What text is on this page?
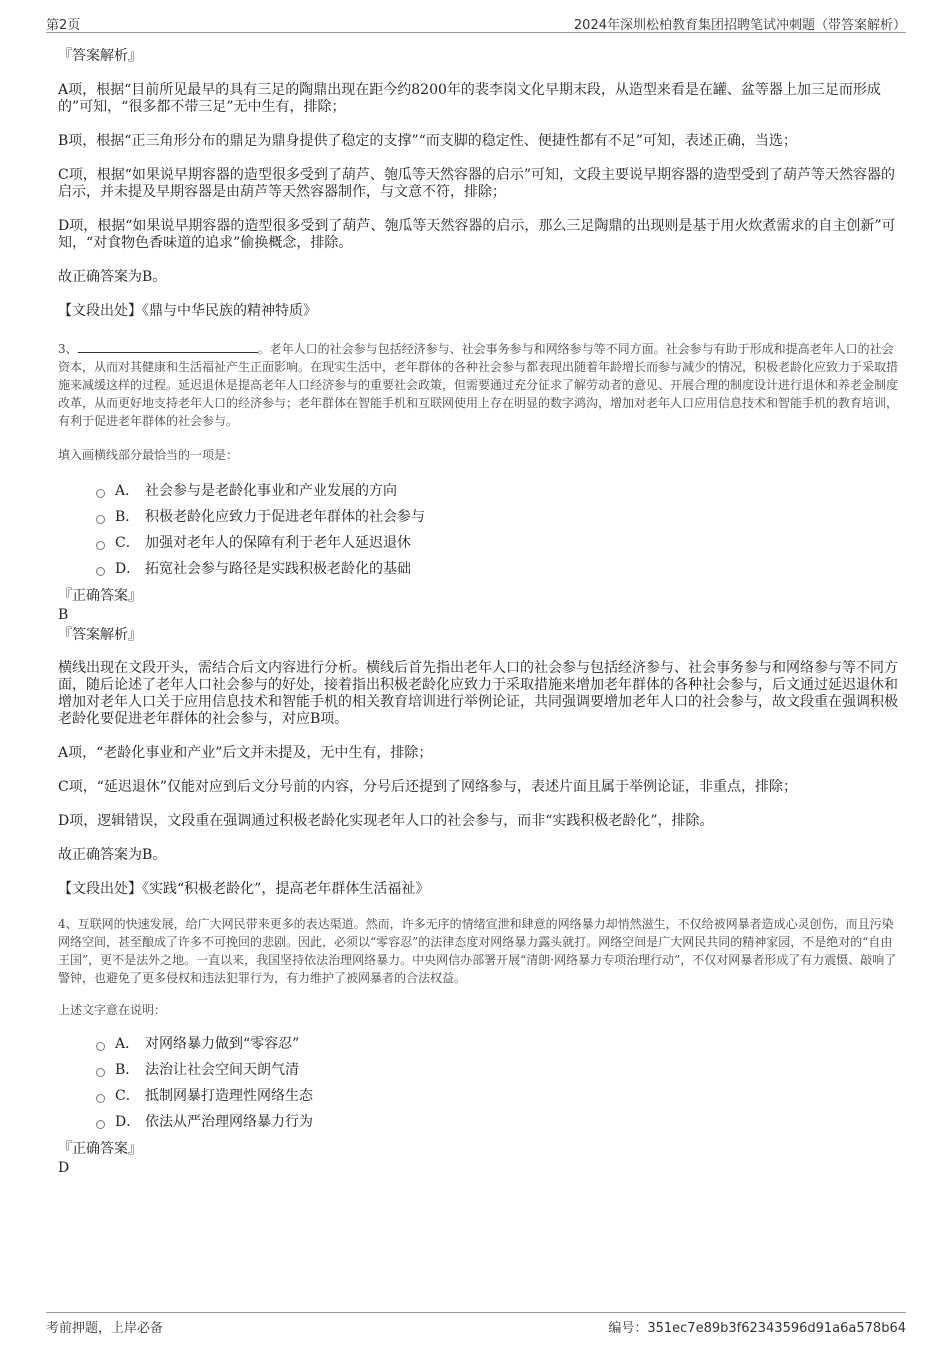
第2页	2024年深圳松柏教育集团招聘笔试冲刺题（带答案解析）

『答案解析』

A项，根据“目前所见最早的具有三足的陶鼎出现在距今约8200年的裴李岗文化早期末段，从造型来看是在罐、盆等器上加三足而形成的”可知，“很多都不带三足”无中生有，排除；

B项，根据“正三角形分布的鼎足为鼎身提供了稳定的支撑”“而支脚的稳定性、便捷性都有不足”可知，表述正确，当选；

C项，根据“如果说早期容器的造型很多受到了葫芦、匏瓜等天然容器的启示”可知，文段主要说早期容器的造型受到了葫芦等天然容器的启示，并未提及早期容器是由葫芦等天然容器制作，与文意不符，排除；

D项，根据“如果说早期容器的造型很多受到了葫芦、匏瓜等天然容器的启示，那么三足陶鼎的出现则是基于用火炊煮需求的自主创新”可知，“对食物色香味道的追求”偷换概念，排除。

故正确答案为B。

【文段出处】《鼎与中华民族的精神特质》

3、	。老年人口的社会参与包括经济参与、社会事务参与和网络参与等不同方面。社会参与有助于形成和提高老年人口的社会资本，从而对其健康和生活福祉产生正面影响。在现实生活中，老年群体的各种社会参与都表现出随着年龄增长而参与减少的情况，积极老龄化应致力于采取措施来减缓这样的过程。延迟退休是提高老年人口经济参与的重要社会政策，但需要通过充分征求了解劳动者的意见、开展合理的制度设计进行退休和养老金制度改革，从而更好地支持老年人口的经济参与；老年群体在智能手机和互联网使用上存在明显的数字鸿沟，增加对老年人口应用信息技术和智能手机的教育培训，有利于促进老年群体的社会参与。

填入画横线部分最恰当的一项是：

A． 社会参与是老龄化事业和产业发展的方向
B． 积极老龄化应致力于促进老年群体的社会参与
C． 加强对老年人的保障有利于老年人延迟退休
D． 拓宽社会参与路径是实践积极老龄化的基础

『正确答案』

B

『答案解析』

横线出现在文段开头，需结合后文内容进行分析。横线后首先指出老年人口的社会参与包括经济参与、社会事务参与和网络参与等不同方面，随后论述了老年人口社会参与的好处，接着指出积极老龄化应致力于采取措施来增加老年群体的各种社会参与，后文通过延迟退休和增加对老年人口关于应用信息技术和智能手机的相关教育培训进行举例论证，共同强调要增加老年人口的社会参与，故文段重在强调积极老龄化要促进老年群体的社会参与，对应B项。

A项，“老龄化事业和产业”后文并未提及，无中生有，排除；

C项，“延迟退休”仅能对应到后文分号前的内容，分号后还提到了网络参与，表述片面且属于举例论证，非重点，排除；

D项，逻辑错误，文段重在强调通过积极老龄化实现老年人口的社会参与，而非“实践积极老龄化”，排除。

故正确答案为B。

【文段出处】《实践“积极老龄化”，提高老年群体生活福祉》

4、互联网的快速发展，给广大网民带来更多的表达渠道。然而，许多无序的情绪宣泄和肆意的网络暴力却悄然滋生，不仅给被网暴者造成心灵创伤，而且污染网络空间，甚至酿成了许多不可挽回的悲剧。因此，必须以“零容忍”的法律态度对网络暴力露头就打。网络空间是广大网民共同的精神家园，不是绝对的“自由王国”，更不是法外之地。一直以来，我国坚持依法治理网络暴力。中央网信办部署开展“清朗·网络暴力专项治理行动”，不仅对网暴者形成了有力震慑、敲响了警钟，也避免了更多侵权和违法犯罪行为，有力维护了被网暴者的合法权益。

上述文字意在说明：

A． 对网络暴力做到“零容忍”
B． 法治让社会空间天朗气清
C． 抵制网暴打造理性网络生态
D． 依法从严治理网络暴力行为

『正确答案』

D

考前押题，上岸必备	编号：351ec7e89b3f62343596d91a6a578b64
